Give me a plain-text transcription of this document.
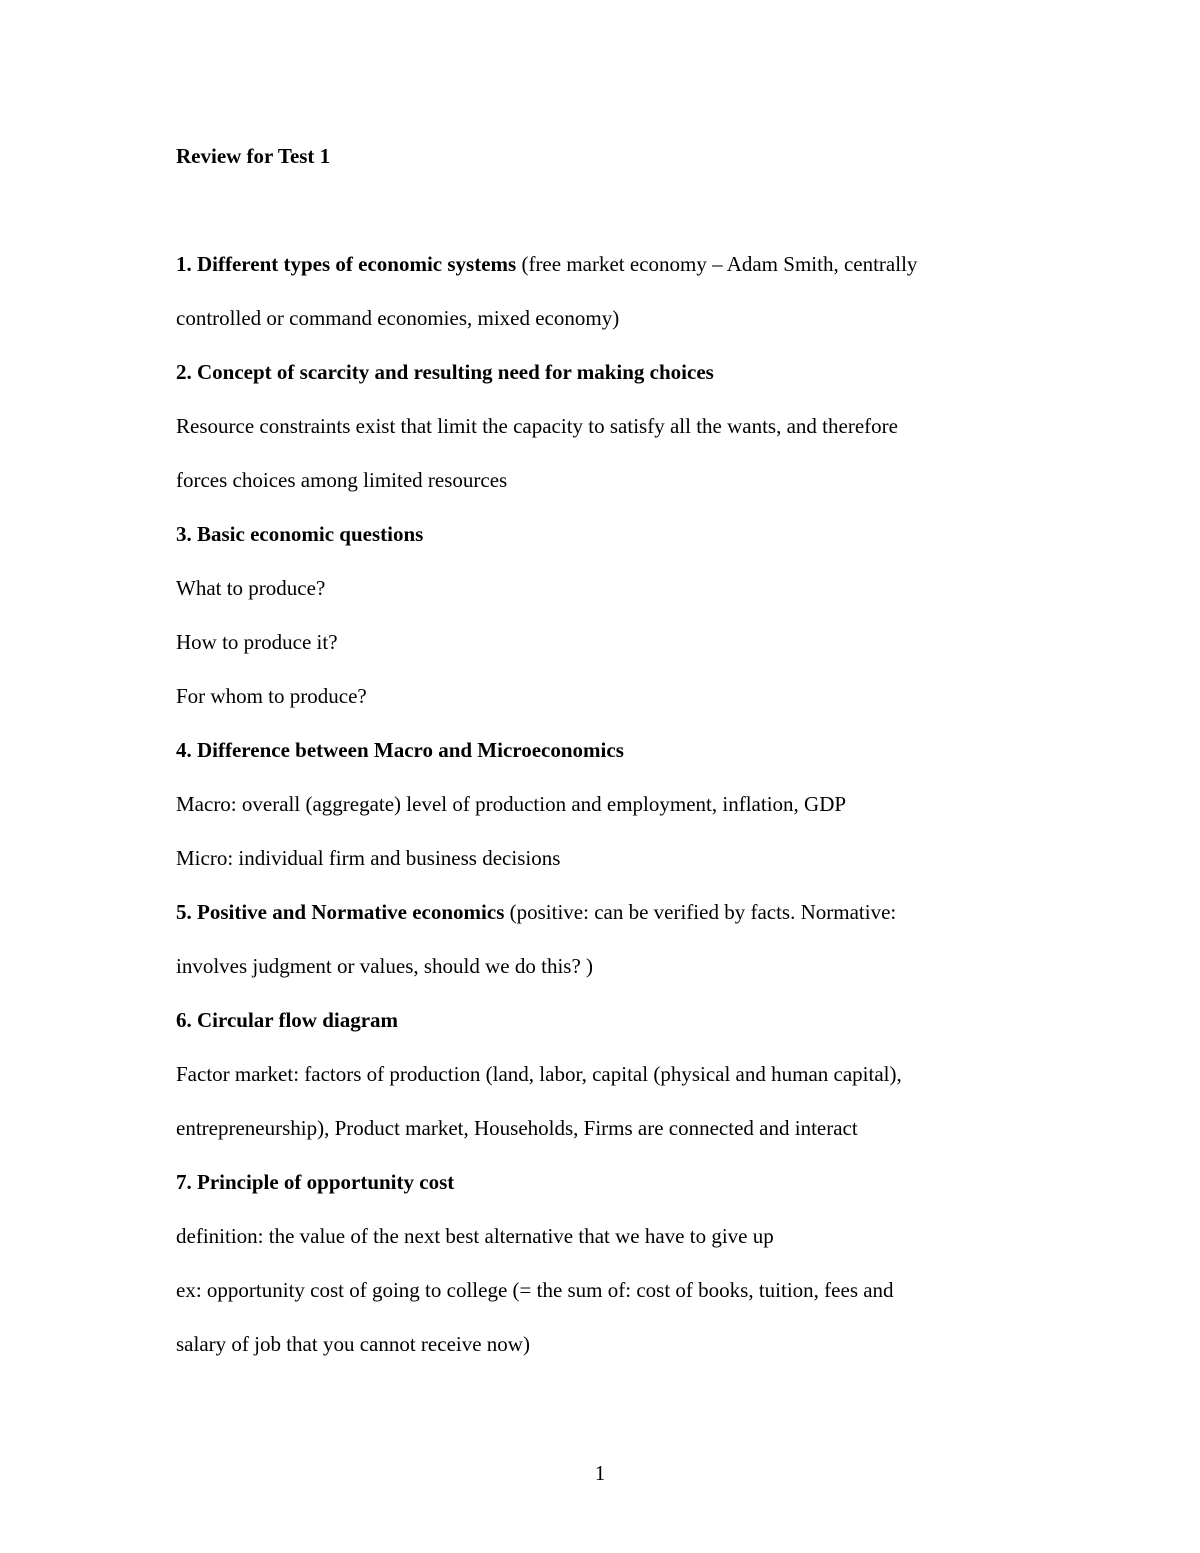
Review for Test 1
1. Different types of economic systems (free market economy – Adam Smith, centrally
controlled or command economies, mixed economy)
2. Concept of scarcity and resulting need for making choices
Resource constraints exist that limit the capacity to satisfy all the wants, and therefore
forces choices among limited resources
3. Basic economic questions
What to produce?
How to produce it?
For whom to produce?
4. Difference between Macro and Microeconomics
Macro: overall (aggregate) level of production and employment, inflation, GDP
Micro: individual firm and business decisions
5. Positive and Normative economics (positive: can be verified by facts. Normative:
involves judgment or values, should we do this? )
6. Circular flow diagram
Factor market: factors of production (land, labor, capital (physical and human capital),
entrepreneurship), Product market, Households, Firms are connected and interact
7. Principle of opportunity cost
definition: the value of the next best alternative that we have to give up
ex: opportunity cost of going to college (= the sum of: cost of books, tuition, fees and
salary of job that you cannot receive now)
1
